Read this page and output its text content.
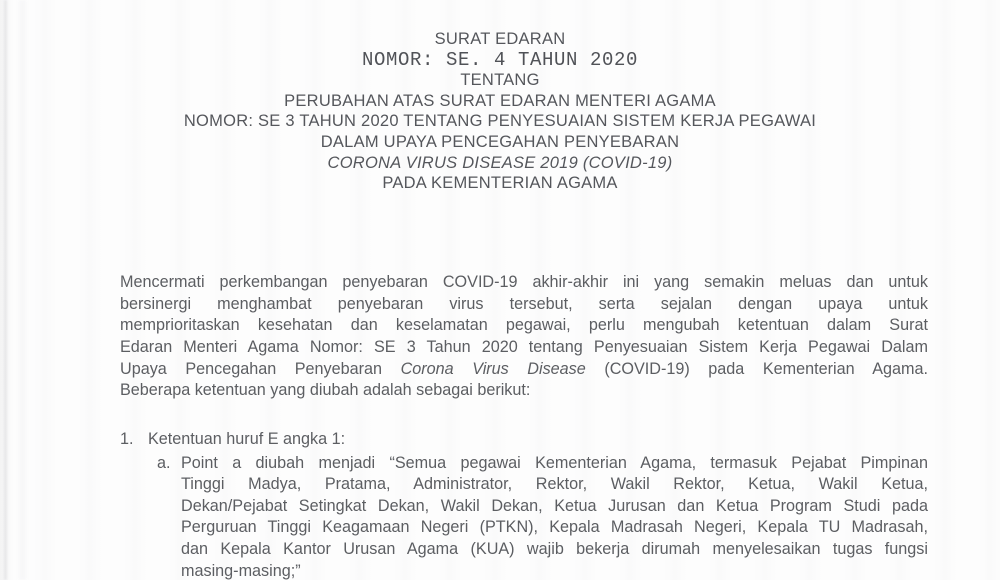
SURAT EDARAN
NOMOR: SE. 4 TAHUN 2020
TENTANG
PERUBAHAN ATAS SURAT EDARAN MENTERI AGAMA
NOMOR: SE 3 TAHUN 2020 TENTANG PENYESUAIAN SISTEM KERJA PEGAWAI
DALAM UPAYA PENCEGAHAN PENYEBARAN
CORONA VIRUS DISEASE 2019 (COVID-19)
PADA KEMENTERIAN AGAMA
Mencermati perkembangan penyebaran COVID-19 akhir-akhir ini yang semakin meluas dan untuk
bersinergi menghambat penyebaran virus tersebut, serta sejalan dengan upaya untuk
memprioritaskan kesehatan dan keselamatan pegawai, perlu mengubah ketentuan dalam Surat
Edaran Menteri Agama Nomor: SE 3 Tahun 2020 tentang Penyesuaian Sistem Kerja Pegawai Dalam
Upaya Pencegahan Penyebaran Corona Virus Disease (COVID-19) pada Kementerian Agama.
Beberapa ketentuan yang diubah adalah sebagai berikut:
1. Ketentuan huruf E angka 1:
a. Point a diubah menjadi “Semua pegawai Kementerian Agama, termasuk Pejabat Pimpinan
Tinggi Madya, Pratama, Administrator, Rektor, Wakil Rektor, Ketua, Wakil Ketua,
Dekan/Pejabat Setingkat Dekan, Wakil Dekan, Ketua Jurusan dan Ketua Program Studi pada
Perguruan Tinggi Keagamaan Negeri (PTKN), Kepala Madrasah Negeri, Kepala TU Madrasah,
dan Kepala Kantor Urusan Agama (KUA) wajib bekerja dirumah menyelesaikan tugas fungsi
masing-masing;”
